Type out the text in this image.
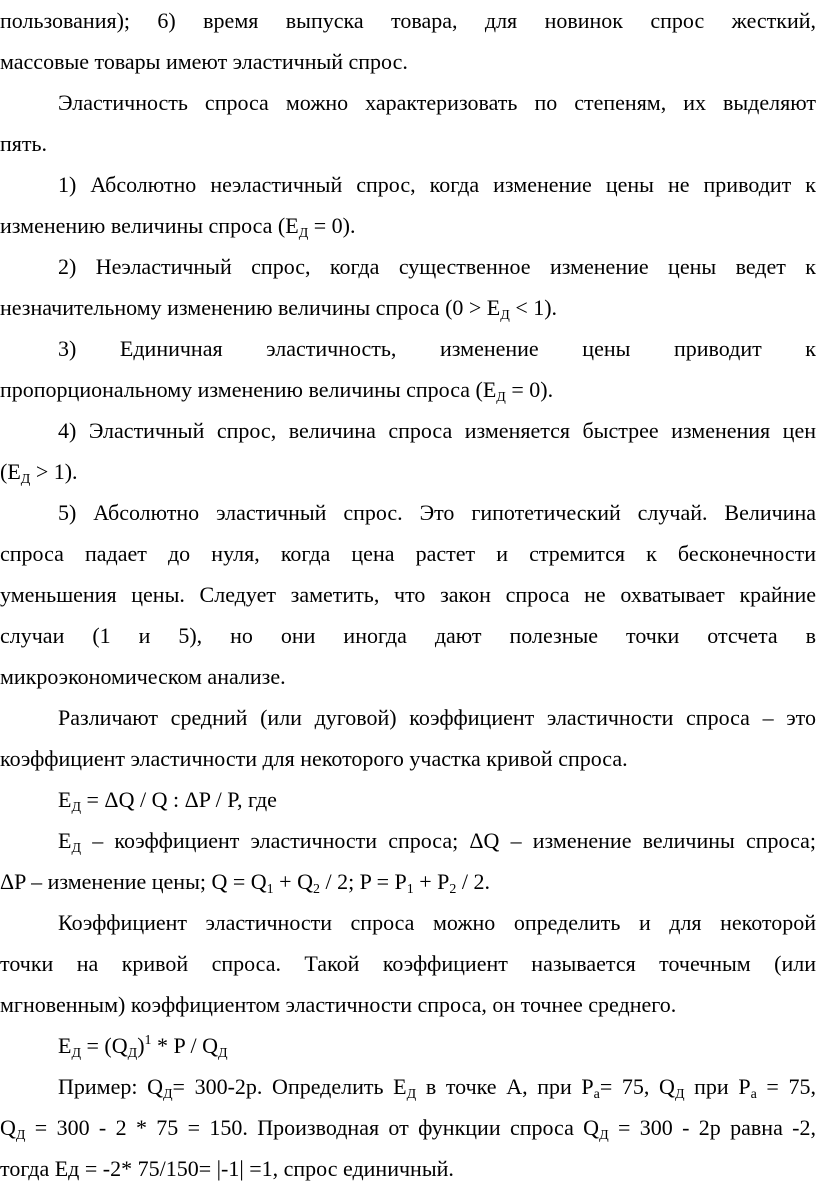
пользования); 6) время выпуска товара, для новинок спрос жесткий,
массовые товары имеют эластичный спрос.
Эластичность спроса можно характеризовать по степеням, их выделяют
пять.
1) Абсолютно неэластичный спрос, когда изменение цены не приводит к
изменению величины спроса $(Е_Д = 0)$.
2) Неэластичный спрос, когда существенное изменение цены ведет к
незначительному изменению величины спроса $(0 > Е_Д < 1)$.
3) Единичная эластичность, изменение цены приводит к
пропорциональному изменению величины спроса $(Е_Д = 0)$.
4) Эластичный спрос, величина спроса изменяется быстрее изменения цен
$(Е_Д > 1)$.
5) Абсолютно эластичный спрос. Это гипотетический случай. Величина
спроса падает до нуля, когда цена растет и стремится к бесконечности
уменьшения цены. Следует заметить, что закон спроса не охватывает крайние
случаи (1 и 5), но они иногда дают полезные точки отсчета в
микроэкономическом анализе.
Различают средний (или дуговой) коэффициент эластичности спроса – это
коэффициент эластичности для некоторого участка кривой спроса.
$Е_Д = \Delta Q / Q$ : ΔP / P, где
$Е_Д$ – коэффициент эластичности спроса; ΔQ – изменение величины спроса;
ΔP – изменение цены; $Q = Q_1 + Q_2 / 2$; $P = P_1 + P_2 / 2$.
Коэффициент эластичности спроса можно определить и для некоторой
точки на кривой спроса. Такой коэффициент называется точечным (или
мгновенным) коэффициентом эластичности спроса, он точнее среднего.
$Е_Д = (Q_Д)^1 * P / Q_Д$
Пример: $Q_Д= 300-2р$. Определить $Е_Д$ в точке А, при $Р_а= 75$, $Q_Д$ при $Р_а = 75$,
$Q_Д = 300 - 2 * 75 = 150$. Производная от функции спроса $Q_Д = 300 - 2р$ равна -2,
тогда Ед = -2* 75/150= |-1| =1, спрос единичный.
